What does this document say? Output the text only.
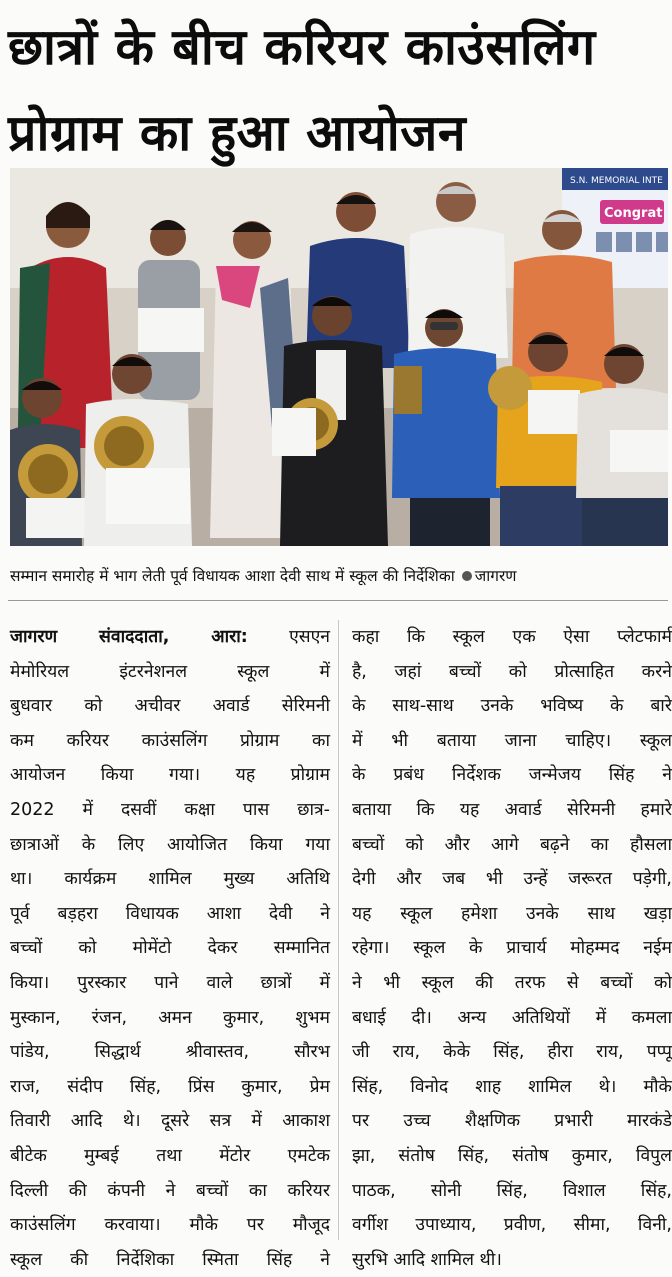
छात्रों के बीच करियर काउंसलिंग
प्रोग्राम का हुआ आयोजन
S.N. MEMORIAL INTE
Congrat
सम्मान समारोह में भाग लेती पूर्व विधायक आशा देवी साथ में स्कूल की निर्देशिका जागरण
जागरण संवाददाता, आरा: एसएन
मेमोरियल इंटरनेशनल स्कूल में
बुधवार को अचीवर अवार्ड सेरिमनी
कम करियर काउंसलिंग प्रोग्राम का
आयोजन किया गया। यह प्रोग्राम
2022 में दसवीं कक्षा पास छात्र-
छात्राओं के लिए आयोजित किया गया
था। कार्यक्रम शामिल मुख्य अतिथि
पूर्व बड़हरा विधायक आशा देवी ने
बच्चों को मोमेंटो देकर सम्मानित
किया। पुरस्कार पाने वाले छात्रों में
मुस्कान, रंजन, अमन कुमार, शुभम
पांडेय, सिद्धार्थ श्रीवास्तव, सौरभ
राज, संदीप सिंह, प्रिंस कुमार, प्रेम
तिवारी आदि थे। दूसरे सत्र में आकाश
बीटेक मुम्बई तथा मेंटोर एमटेक
दिल्ली की कंपनी ने बच्चों का करियर
काउंसलिंग करवाया। मौके पर मौजूद
स्कूल की निर्देशिका स्मिता सिंह ने
कहा कि स्कूल एक ऐसा प्लेटफार्म
है, जहां बच्चों को प्रोत्साहित करने
के साथ-साथ उनके भविष्य के बारे
में भी बताया जाना चाहिए। स्कूल
के प्रबंध निर्देशक जन्मेजय सिंह ने
बताया कि यह अवार्ड सेरिमनी हमारे
बच्चों को और आगे बढ़ने का हौसला
देगी और जब भी उन्हें जरूरत पड़ेगी,
यह स्कूल हमेशा उनके साथ खड़ा
रहेगा। स्कूल के प्राचार्य मोहम्मद नईम
ने भी स्कूल की तरफ से बच्चों को
बधाई दी। अन्य अतिथियों में कमला
जी राय, केके सिंह, हीरा राय, पप्पू
सिंह, विनोद शाह शामिल थे। मौके
पर उच्च शैक्षणिक प्रभारी मारकंडे
झा, संतोष सिंह, संतोष कुमार, विपुल
पाठक, सोनी सिंह, विशाल सिंह,
वर्गीश उपाध्याय, प्रवीण, सीमा, विनी,
सुरभि आदि शामिल थी।
